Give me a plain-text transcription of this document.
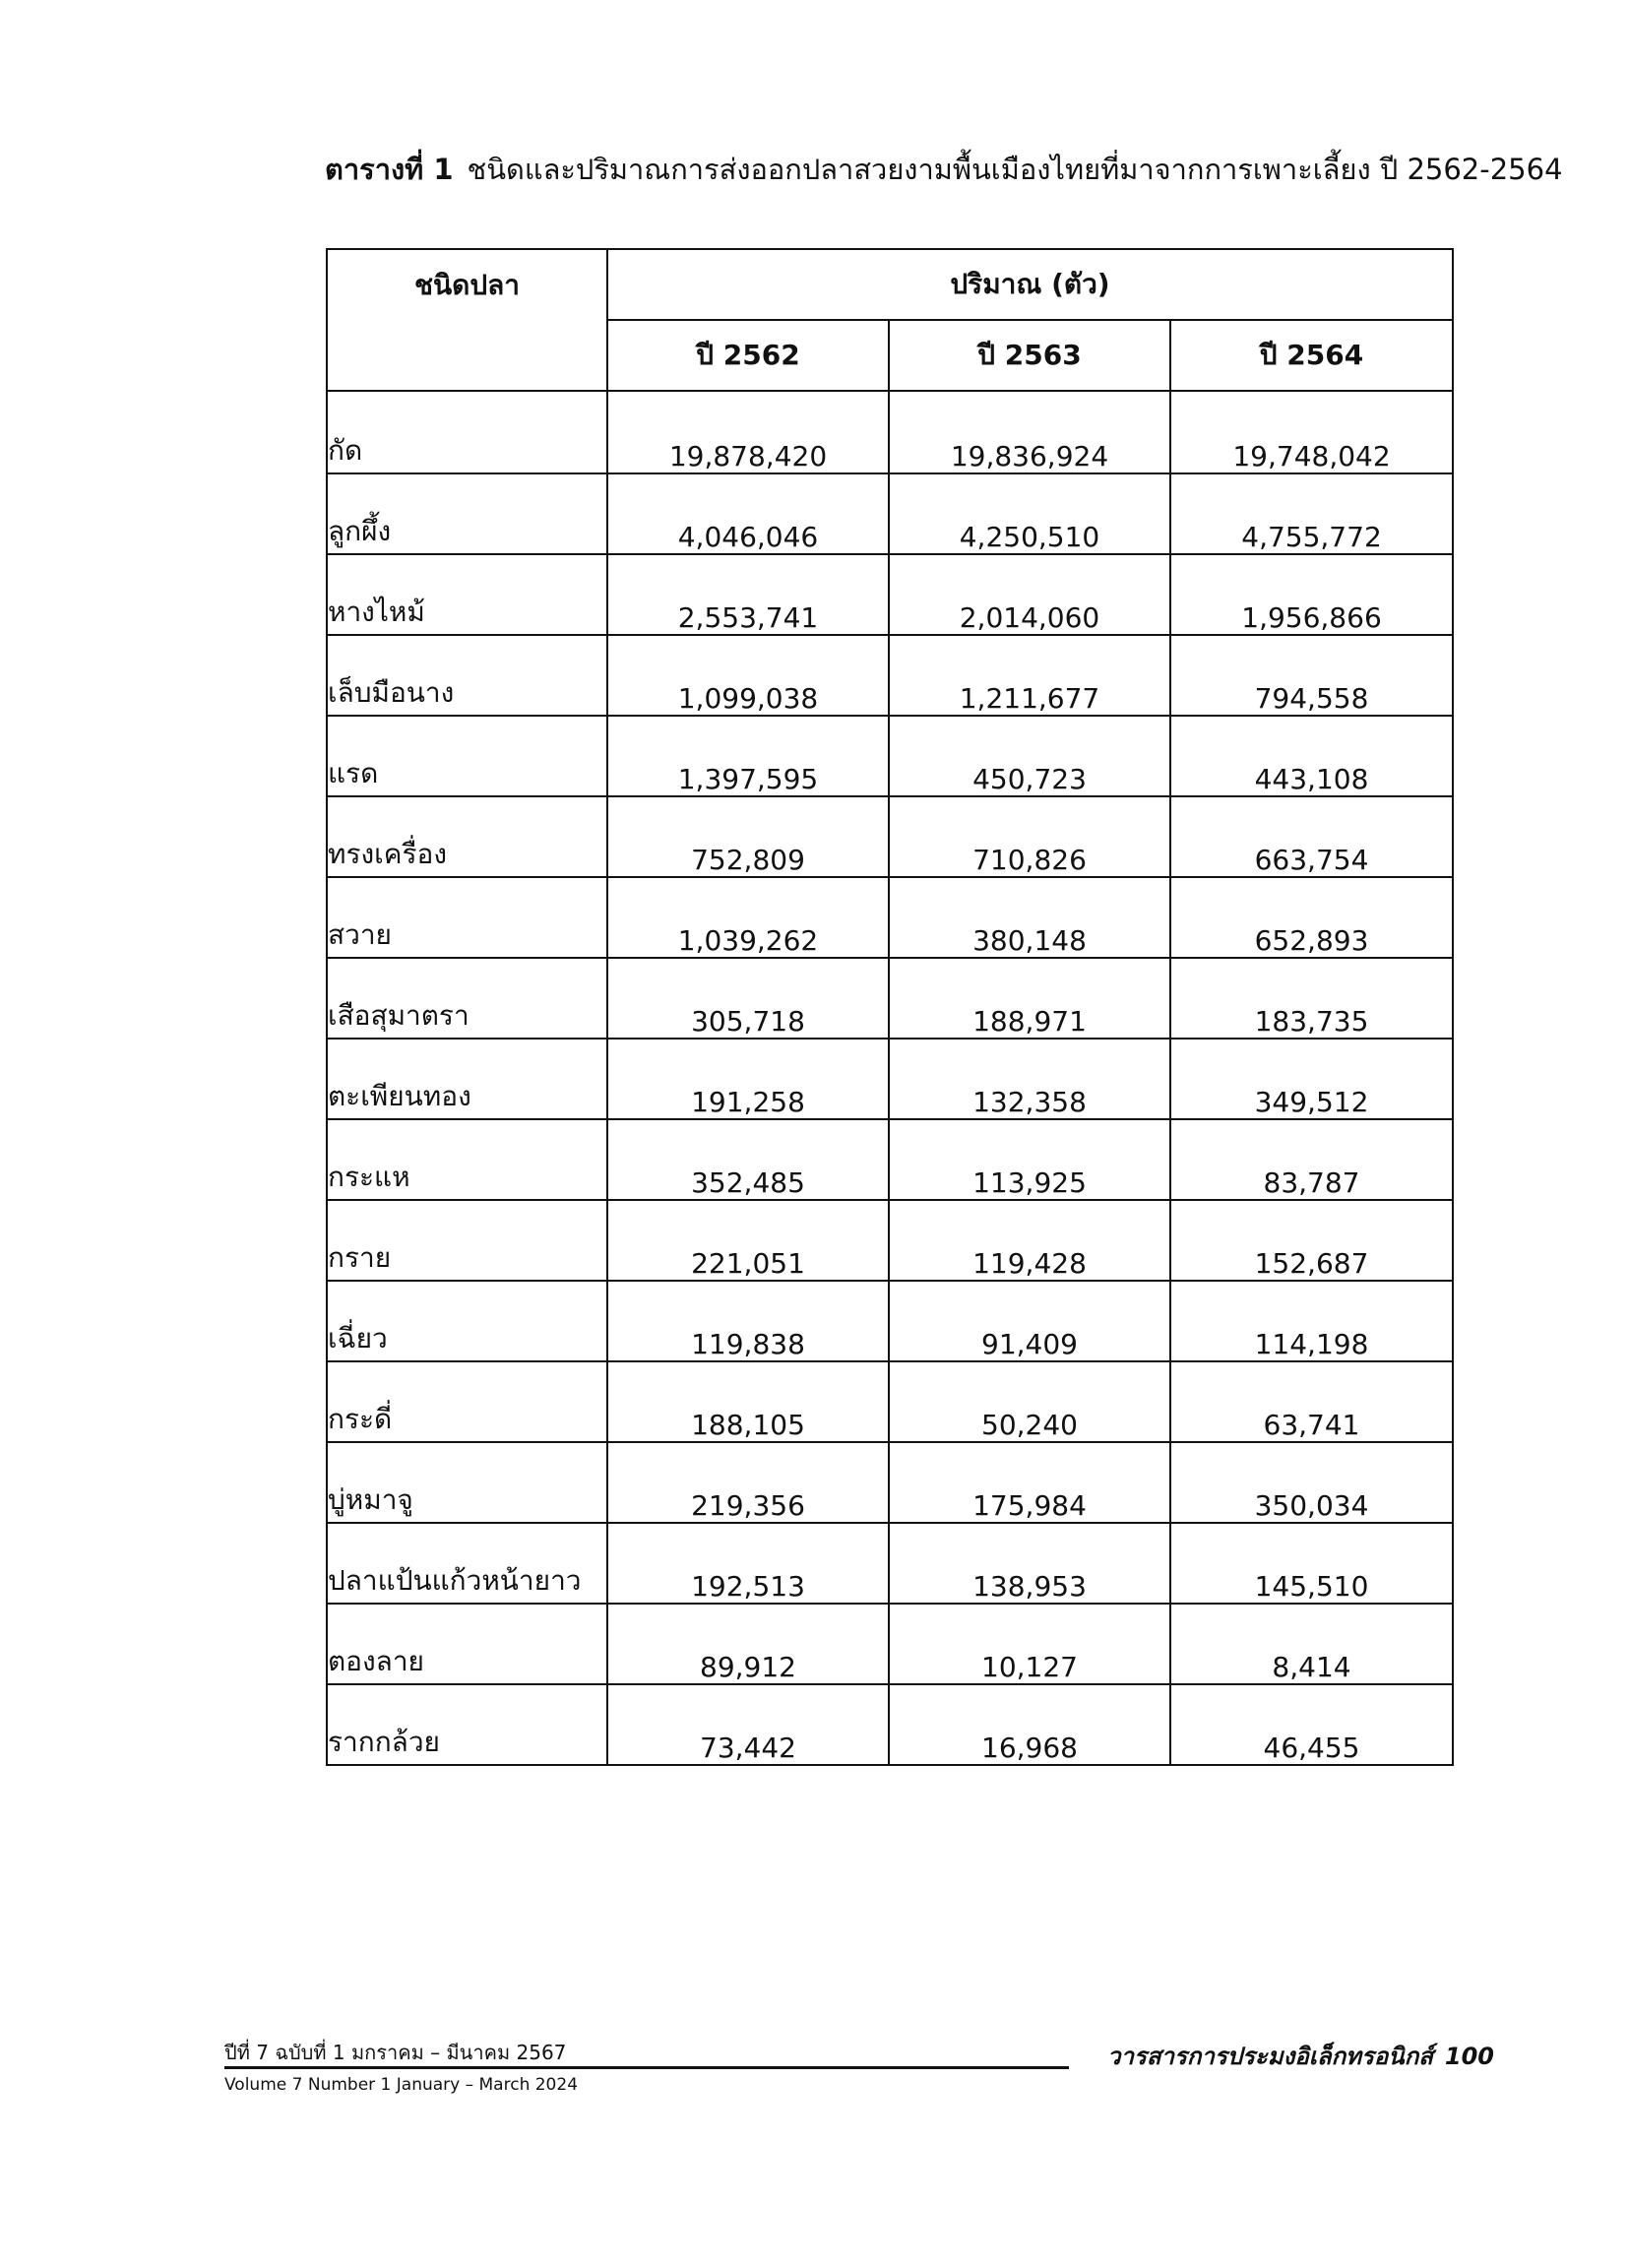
ตารางที่ 1 ชนิดและปริมาณการส่งออกปลาสวยงามพื้นเมืองไทยที่มาจากการเพาะเลี้ยง ปี 2562-2564
ชนิดปลา	ปริมาณ (ตัว)		
	ปี 2562	ปี 2563	ปี 2564
กัด	19,878,420	19,836,924	19,748,042
ลูกผึ้ง	4,046,046	4,250,510	4,755,772
หางไหม้	2,553,741	2,014,060	1,956,866
เล็บมือนาง	1,099,038	1,211,677	794,558
แรด	1,397,595	450,723	443,108
ทรงเครื่อง	752,809	710,826	663,754
สวาย	1,039,262	380,148	652,893
เสือสุมาตรา	305,718	188,971	183,735
ตะเพียนทอง	191,258	132,358	349,512
กระแห	352,485	113,925	83,787
กราย	221,051	119,428	152,687
เฉี่ยว	119,838	91,409	114,198
กระดี่	188,105	50,240	63,741
บู่หมาจู	219,356	175,984	350,034
ปลาแป้นแก้วหน้ายาว	192,513	138,953	145,510
ตองลาย	89,912	10,127	8,414
รากกล้วย	73,442	16,968	46,455
ปีที่ 7 ฉบับที่ 1 มกราคม – มีนาคม 2567
Volume 7 Number 1 January – March 2024
วารสารการประมงอิเล็กทรอนิกส์ 100
